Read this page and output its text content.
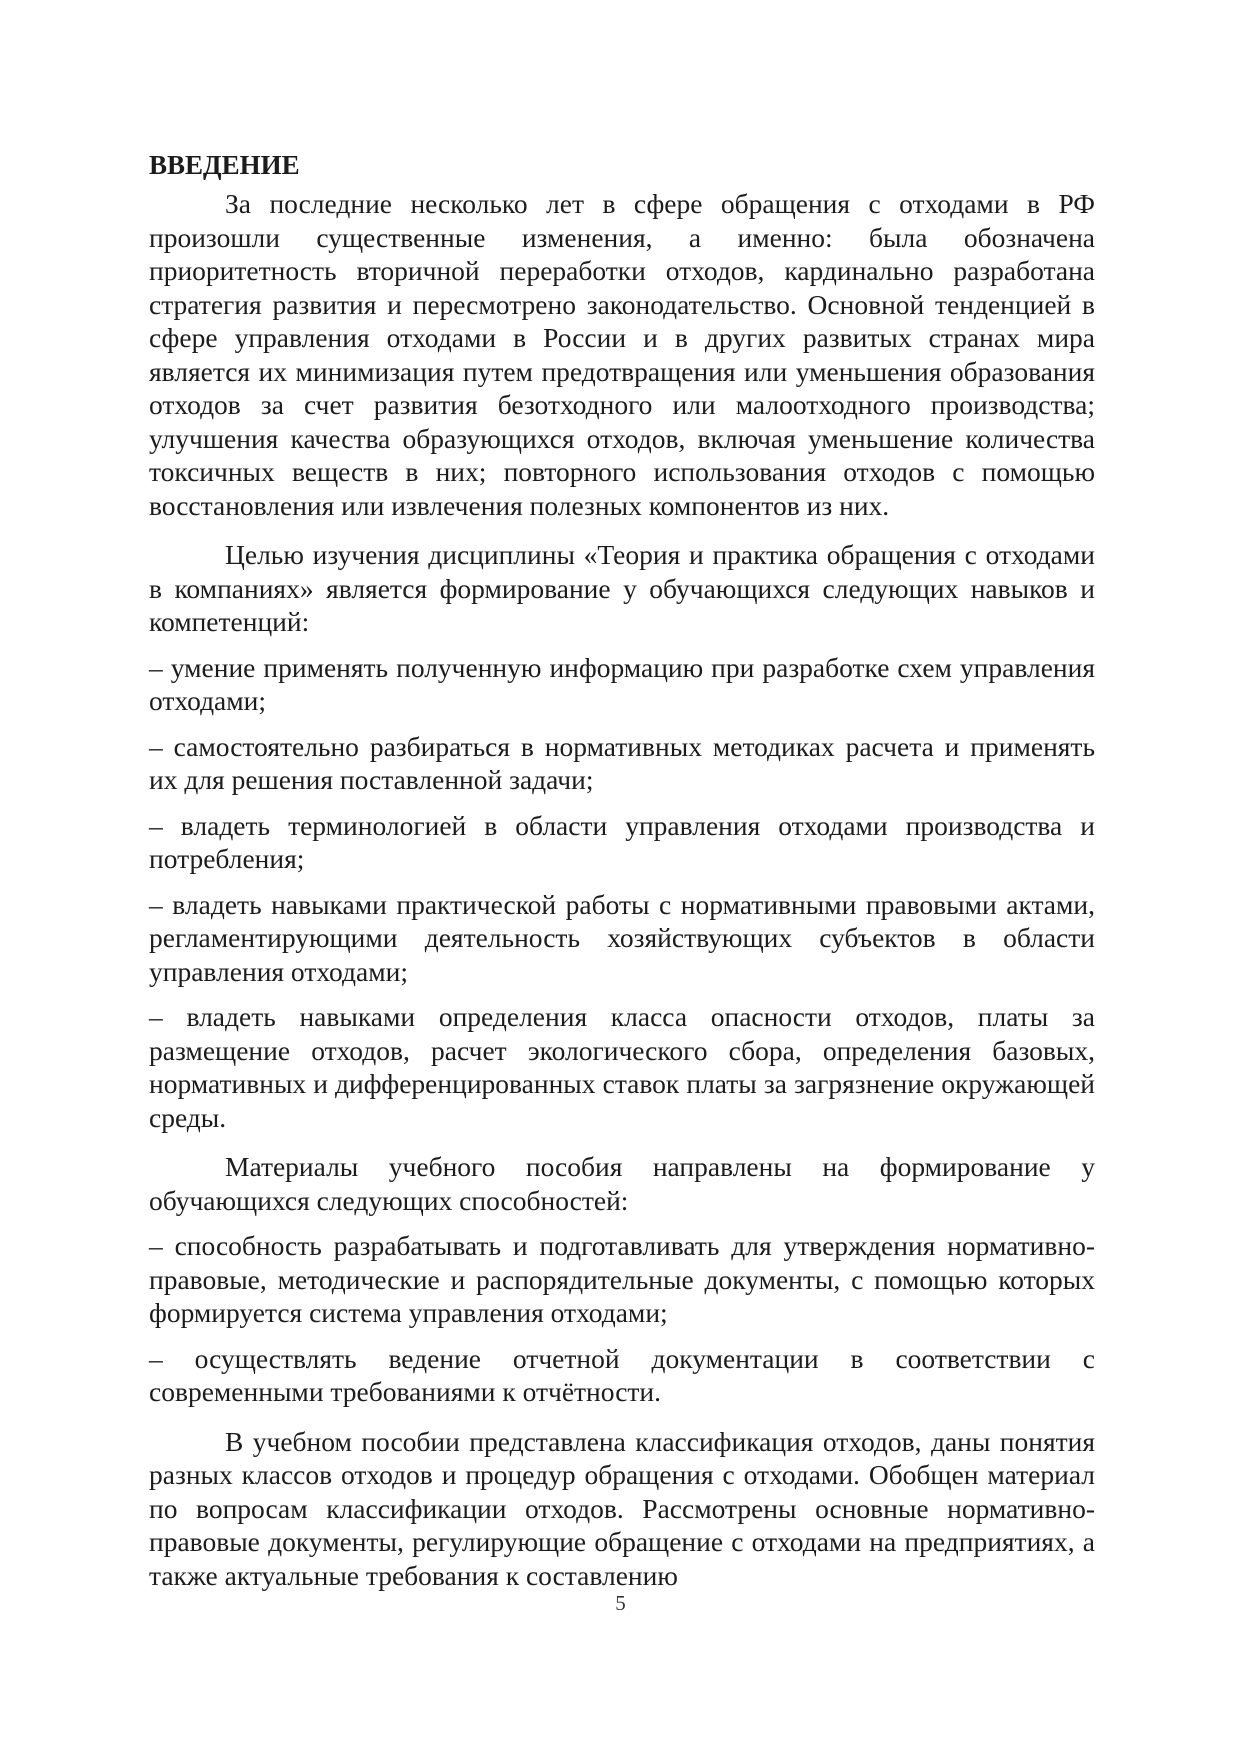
ВВЕДЕНИЕ

За последние несколько лет в сфере обращения с отходами в РФ произошли существенные изменения, а именно: была обозначена приоритетность вторичной переработки отходов, кардинально разработана стратегия развития и пересмотрено законодательство. Основной тенденцией в сфере управления отходами в России и в других развитых странах мира является их минимизация путем предотвращения или уменьшения образования отходов за счет развития безотходного или малоотходного производства; улучшения качества образующихся отходов, включая уменьшение количества токсичных веществ в них; повторного использования отходов с помощью восстановления или извлечения полезных компонентов из них.

Целью изучения дисциплины «Теория и практика обращения с отходами в компаниях» является формирование у обучающихся следующих навыков и компетенций:

– умение применять полученную информацию при разработке схем управления отходами;

– самостоятельно разбираться в нормативных методиках расчета и применять их для решения поставленной задачи;

– владеть терминологией в области управления отходами производства и потребления;

– владеть навыками практической работы с нормативными правовыми актами, регламентирующими деятельность хозяйствующих субъектов в области управления отходами;

– владеть навыками определения класса опасности отходов, платы за размещение отходов, расчет экологического сбора, определения базовых, нормативных и дифференцированных ставок платы за загрязнение окружающей среды.

Материалы учебного пособия направлены на формирование у обучающихся следующих способностей:

– способность разрабатывать и подготавливать для утверждения нормативно-правовые, методические и распорядительные документы, с помощью которых формируется система управления отходами;

– осуществлять ведение отчетной документации в соответствии с современными требованиями к отчётности.

В учебном пособии представлена классификация отходов, даны понятия разных классов отходов и процедур обращения с отходами. Обобщен материал по вопросам классификации отходов. Рассмотрены основные нормативно-правовые документы, регулирующие обращение с отходами на предприятиях, а также актуальные требования к составлению

5
